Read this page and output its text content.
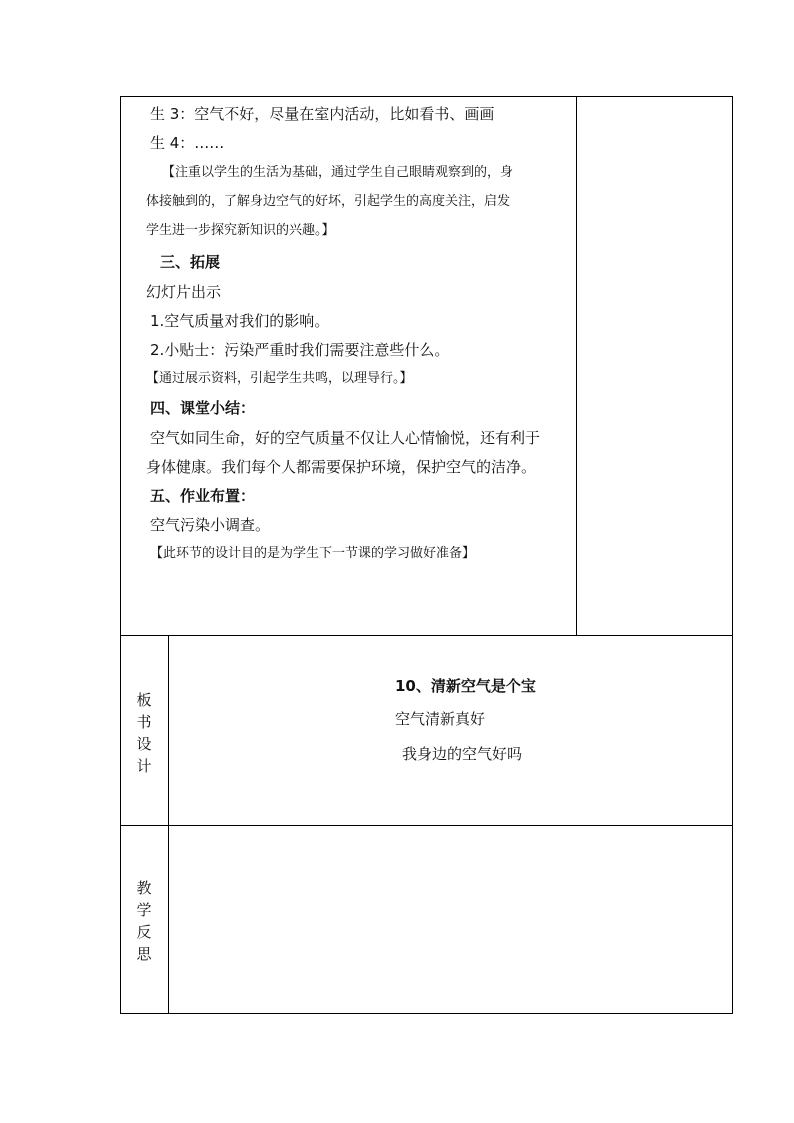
生 3：空气不好，尽量在室内活动，比如看书、画画
生 4：……
【注重以学生的生活为基础，通过学生自己眼睛观察到的，身
体接触到的，了解身边空气的好坏，引起学生的高度关注，启发
学生进一步探究新知识的兴趣。】
三、拓展
幻灯片出示
1.空气质量对我们的影响。
2.小贴士：污染严重时我们需要注意些什么。
【通过展示资料，引起学生共鸣，以理导行。】
四、课堂小结：
空气如同生命，好的空气质量不仅让人心情愉悦，还有利于
身体健康。我们每个人都需要保护环境，保护空气的洁净。
五、作业布置：
空气污染小调查。
【此环节的设计目的是为学生下一节课的学习做好准备】
板
书
设
计
10、清新空气是个宝
空气清新真好
我身边的空气好吗
教
学
反
思
